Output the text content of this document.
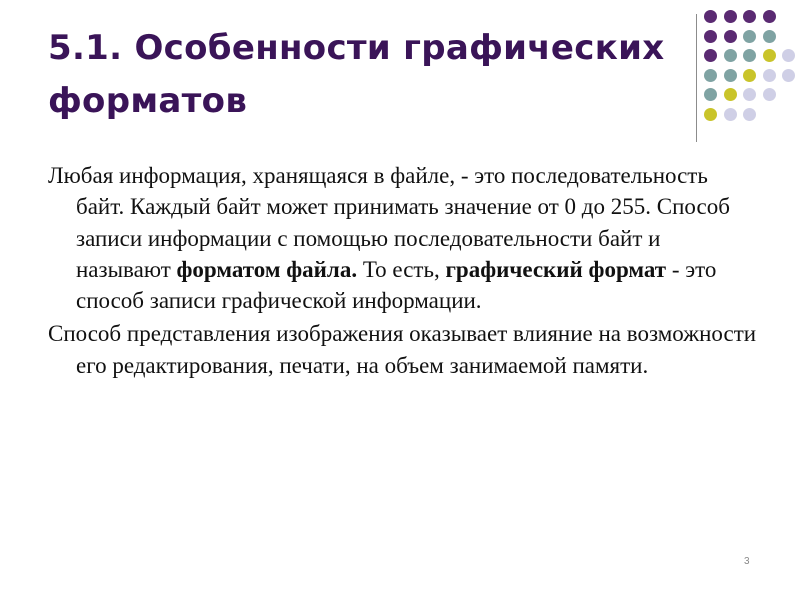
5.1. Особенности графических форматов

Любая информация, хранящаяся в файле, - это последовательность байт. Каждый байт может принимать значение от 0 до 255. Способ записи информации с помощью последовательности байт и называют форматом файла. То есть, графический формат - это способ записи графической информации.

Способ представления изображения оказывает влияние на возможности его редактирования, печати, на объем занимаемой памяти.

3
